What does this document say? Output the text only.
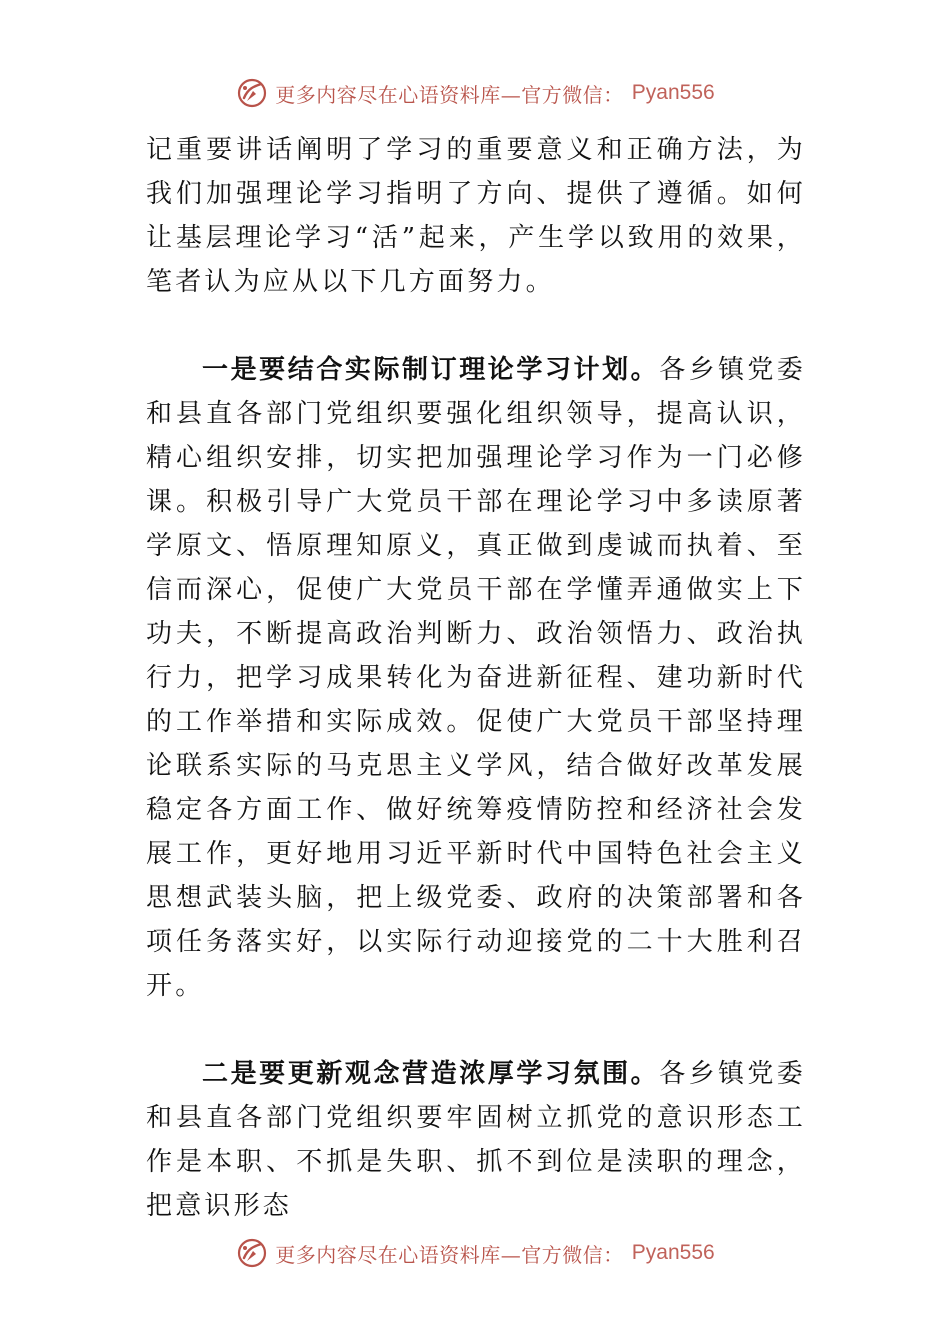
更多内容尽在心语资料库—官方微信： Pyan556

记重要讲话阐明了学习的重要意义和正确方法，为我们加强理论学习指明了方向、提供了遵循。如何让基层理论学习“活”起来，产生学以致用的效果，笔者认为应从以下几方面努力。

一是要结合实际制订理论学习计划。各乡镇党委和县直各部门党组织要强化组织领导，提高认识，精心组织安排，切实把加强理论学习作为一门必修课。积极引导广大党员干部在理论学习中多读原著学原文、悟原理知原义，真正做到虔诚而执着、至信而深心，促使广大党员干部在学懂弄通做实上下功夫，不断提高政治判断力、政治领悟力、政治执行力，把学习成果转化为奋进新征程、建功新时代的工作举措和实际成效。促使广大党员干部坚持理论联系实际的马克思主义学风，结合做好改革发展稳定各方面工作、做好统筹疫情防控和经济社会发展工作，更好地用习近平新时代中国特色社会主义思想武装头脑，把上级党委、政府的决策部署和各项任务落实好，以实际行动迎接党的二十大胜利召开。

二是要更新观念营造浓厚学习氛围。各乡镇党委和县直各部门党组织要牢固树立抓党的意识形态工作是本职、不抓是失职、抓不到位是渎职的理念，把意识形态

更多内容尽在心语资料库—官方微信： Pyan556
